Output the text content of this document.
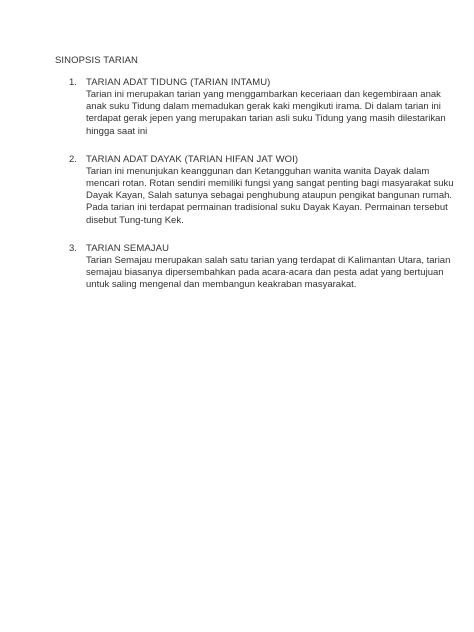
SINOPSIS TARIAN
1. TARIAN ADAT TIDUNG (TARIAN INTAMU)

Tarian ini merupakan tarian yang menggambarkan keceriaan dan kegembiraan anak
anak suku Tidung dalam memadukan gerak kaki mengikuti irama. Di dalam tarian ini
terdapat gerak jepen yang merupakan tarian asli suku Tidung yang masih dilestarikan
hingga saat ini

2. TARIAN ADAT DAYAK (TARIAN HIFAN JAT WOI)

Tarian ini menunjukan keanggunan dan Ketangguhan wanita wanita Dayak dalam
mencari rotan. Rotan sendiri memiliki fungsi yang sangat penting bagi masyarakat suku
Dayak Kayan, Salah satunya sebagai penghubung ataupun pengikat bangunan rumah.
Pada tarian ini terdapat permainan tradisional suku Dayak Kayan. Permainan tersebut
disebut Tung-tung Kek.

3. TARIAN SEMAJAU

Tarian Semajau merupakan salah satu tarian yang terdapat di Kalimantan Utara, tarian
semajau biasanya dipersembahkan pada acara-acara dan pesta adat yang bertujuan
untuk saling mengenal dan membangun keakraban masyarakat.
